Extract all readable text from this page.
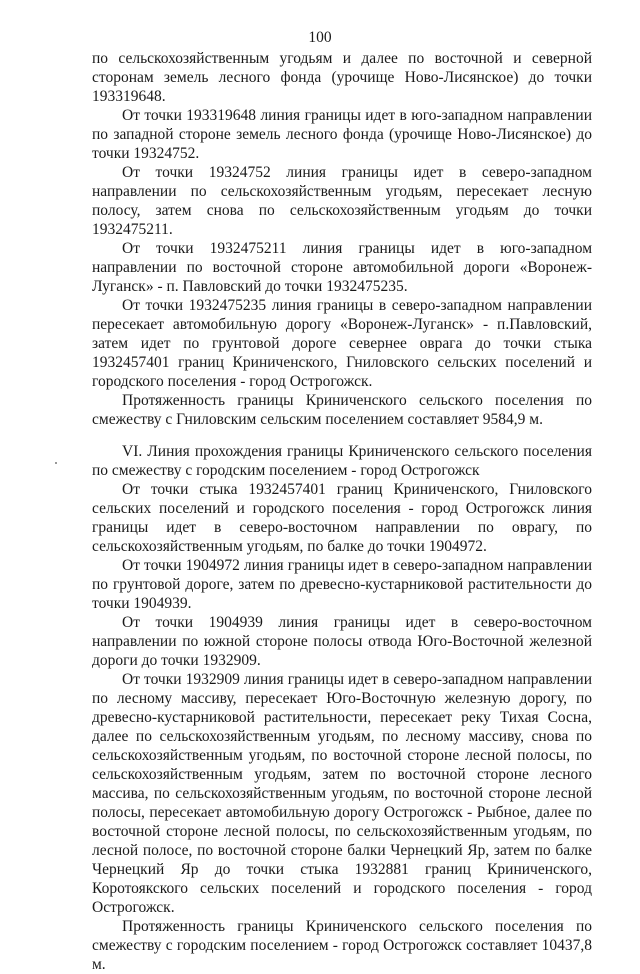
100

по сельскохозяйственным угодьям и далее по восточной и северной сторонам земель лесного фонда (урочище Ново-Лисянское) до точки 193319648.

От точки 193319648 линия границы идет в юго-западном направлении по западной стороне земель лесного фонда (урочище Ново-Лисянское) до точки 19324752.

От точки 19324752 линия границы идет в северо-западном направлении по сельскохозяйственным угодьям, пересекает лесную полосу, затем снова по сельскохозяйственным угодьям до точки 1932475211.

От точки 1932475211 линия границы идет в юго-западном направлении по восточной стороне автомобильной дороги «Воронеж-Луганск» - п. Павловский до точки 1932475235.

От точки 1932475235 линия границы в северо-западном направлении пересекает автомобильную дорогу «Воронеж-Луганск» - п.Павловский, затем идет по грунтовой дороге севернее оврага до точки стыка 1932457401 границ Криниченского, Гниловского сельских поселений и городского поселения - город Острогожск.

Протяженность границы Криниченского сельского поселения по смежеству с Гниловским сельским поселением составляет 9584,9 м.

VI. Линия прохождения границы Криниченского сельского поселения по смежеству с городским поселением - город Острогожск

От точки стыка 1932457401 границ Криниченского, Гниловского сельских поселений и городского поселения - город Острогожск линия границы идет в северо-восточном направлении по оврагу, по сельскохозяйственным угодьям, по балке до точки 1904972.

От точки 1904972 линия границы идет в северо-западном направлении по грунтовой дороге, затем по древесно-кустарниковой растительности до точки 1904939.

От точки 1904939 линия границы идет в северо-восточном направлении по южной стороне полосы отвода Юго-Восточной железной дороги до точки 1932909.

От точки 1932909 линия границы идет в северо-западном направлении по лесному массиву, пересекает Юго-Восточную железную дорогу, по древесно-кустарниковой растительности, пересекает реку Тихая Сосна, далее по сельскохозяйственным угодьям, по лесному массиву, снова по сельскохозяйственным угодьям, по восточной стороне лесной полосы, по сельскохозяйственным угодьям, затем по восточной стороне лесного массива, по сельскохозяйственным угодьям, по восточной стороне лесной полосы, пересекает автомобильную дорогу Острогожск - Рыбное, далее по восточной стороне лесной полосы, по сельскохозяйственным угодьям, по лесной полосе, по восточной стороне балки Чернецкий Яр, затем по балке Чернецкий Яр до точки стыка 1932881 границ Криниченского, Коротоякского сельских поселений и городского поселения - город Острогожск.

Протяженность границы Криниченского сельского поселения по смежеству с городским поселением - город Острогожск составляет 10437,8 м.
